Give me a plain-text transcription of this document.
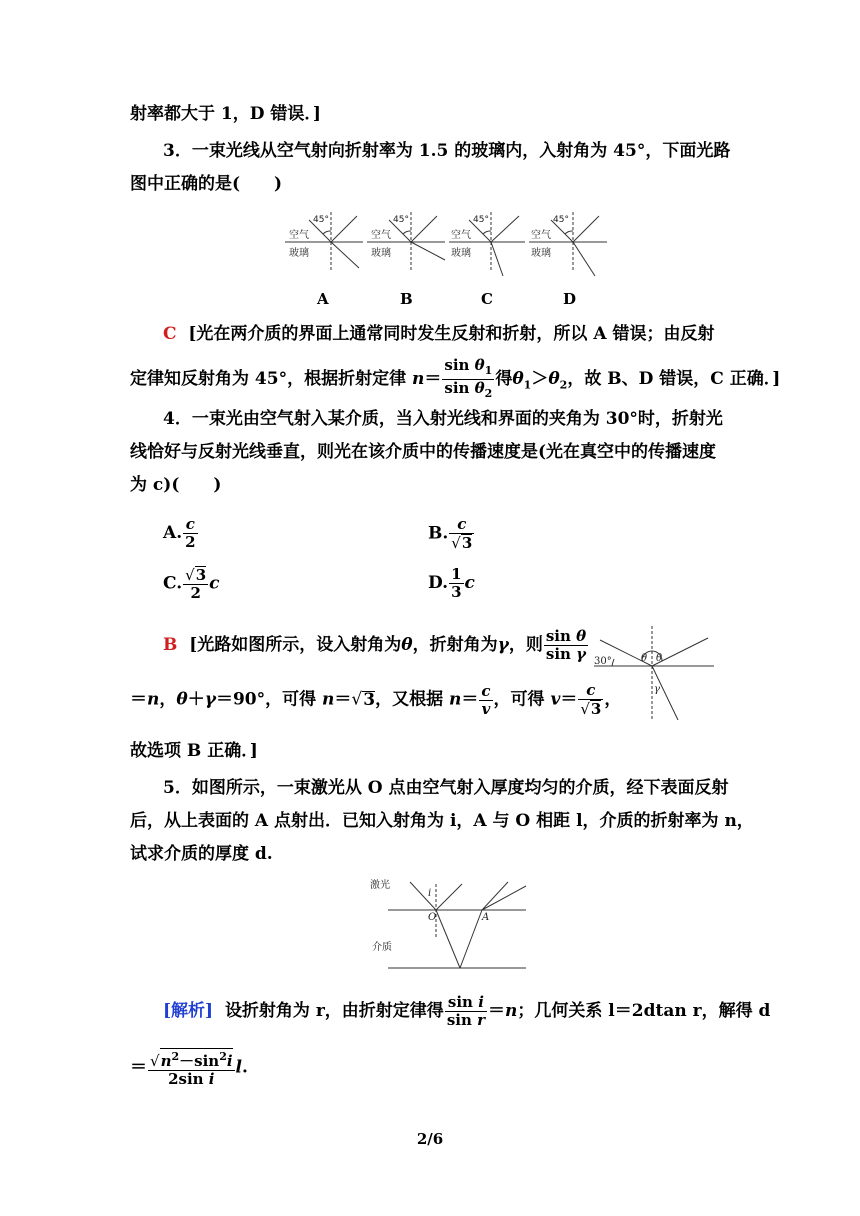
射率都大于 1，D 错误．]
3．一束光线从空气射向折射率为 1.5 的玻璃内，入射角为 45°，下面光路
图中正确的是(　　)
45°	45°	45°	45°
空气
玻璃
空气
玻璃
空气
玻璃
空气
玻璃
A	B	C	D
C [光在两介质的界面上通常同时发生反射和折射，所以 A 错误；由反射
定律知反射角为 45°，根据折射定律 $n= \frac{\sin \theta_1}{\sin \theta_2}$ 得$\theta_1>\theta_2$，故 B、D 错误，C 正确．]
4．一束光由空气射入某介质，当入射光线和界面的夹角为 30°时，折射光
线恰好与反射光线垂直，则光在该介质中的传播速度是(光在真空中的传播速度
为 c)(　　)
A. $\frac{c}{2}$	B. $\frac{c}{√3}$
C. $\frac{√3}{2}$ c	D. $\frac{1}{3}$ c
B [光路如图所示，设入射角为θ，折射角为γ，则 $\frac{\text{sin θ}}{\text{sin γ}}$
＝n，θ＋γ＝90°，可得 n＝√3，又根据 $n= \frac{c}{v}$ ，可得 $v= \frac{c}{√3}$ ，
故选项 B 正确．]
30°	θ θ
γ
5．如图所示，一束激光从 O 点由空气射入厚度均匀的介质，经下表面反射
后，从上表面的 A 点射出．已知入射角为 i，A 与 O 相距 l，介质的折射率为 n，
试求介质的厚度 d.
激光
介质
i
O	A
[解析] 设折射角为 r，由折射定律得 $\frac{\text{sin i}}{\text{sin r}} =n$；几何关系 l＝2dtan r，解得 d
＝ $\frac{√n^2-\sin^2i}{\text{2sin i}} l$.
2/6
